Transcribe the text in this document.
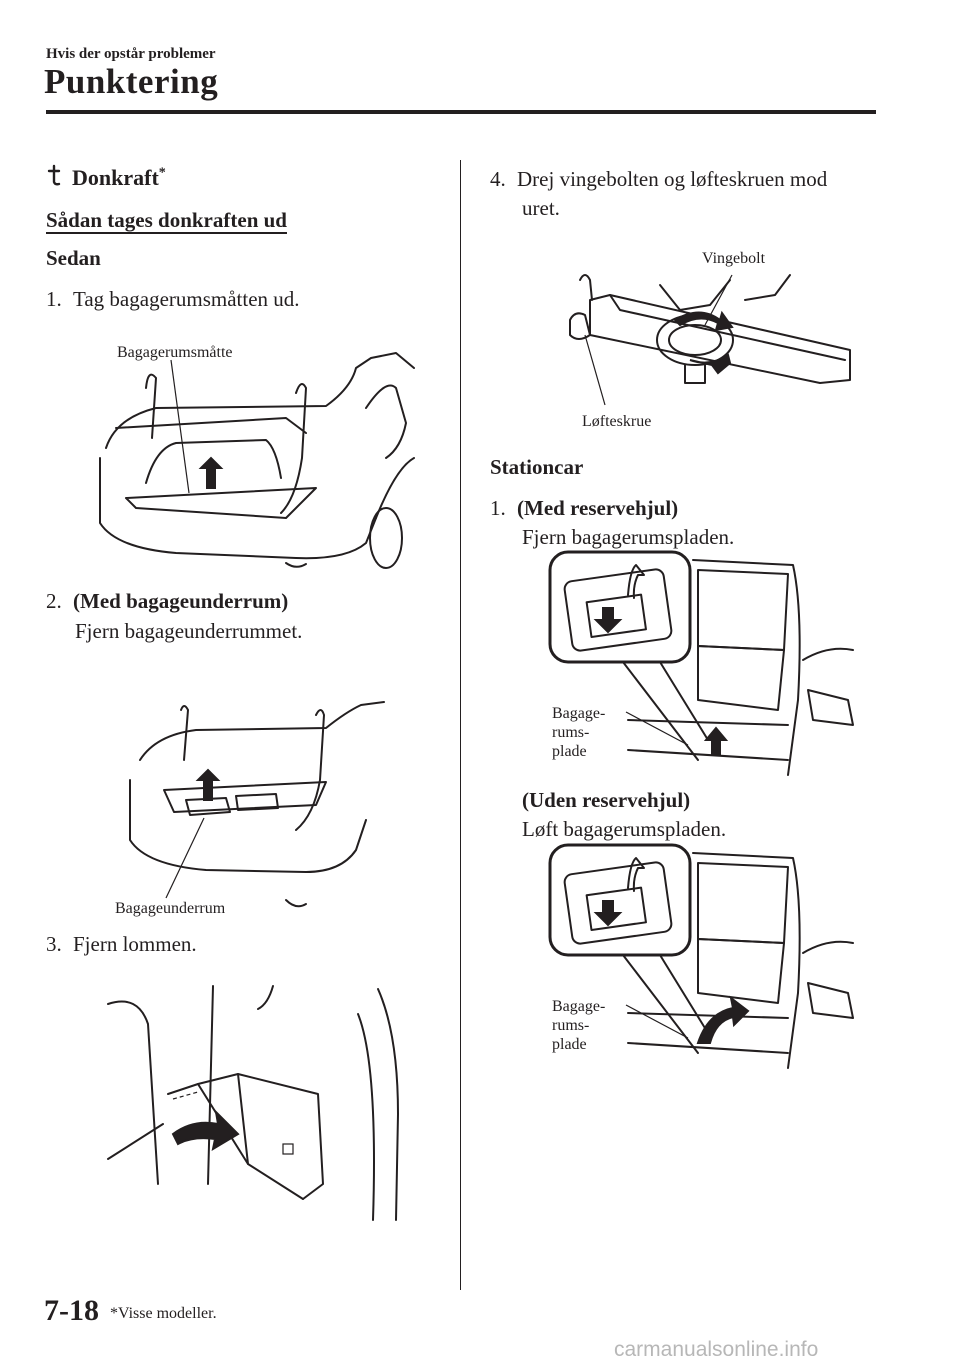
Hvis der opstår problemer
Punktering
Donkraft*
Sådan tages donkraften ud
Sedan
1. Tag bagagerumsmåtten ud.
Bagagerumsmåtte
2. (Med bagageunderrum)
Fjern bagageunderrummet.
Bagageunderrum
3. Fjern lommen.
4. Drej vingebolten og løfteskruen mod
uret.
Vingebolt
Løfteskrue
Stationcar
1. (Med reservehjul)
Fjern bagagerumspladen.
Bagage-
rums-
plade
(Uden reservehjul)
Løft bagagerumspladen.
Bagage-
rums-
plade
7-18 *Visse modeller.
carmanualsonline.info
